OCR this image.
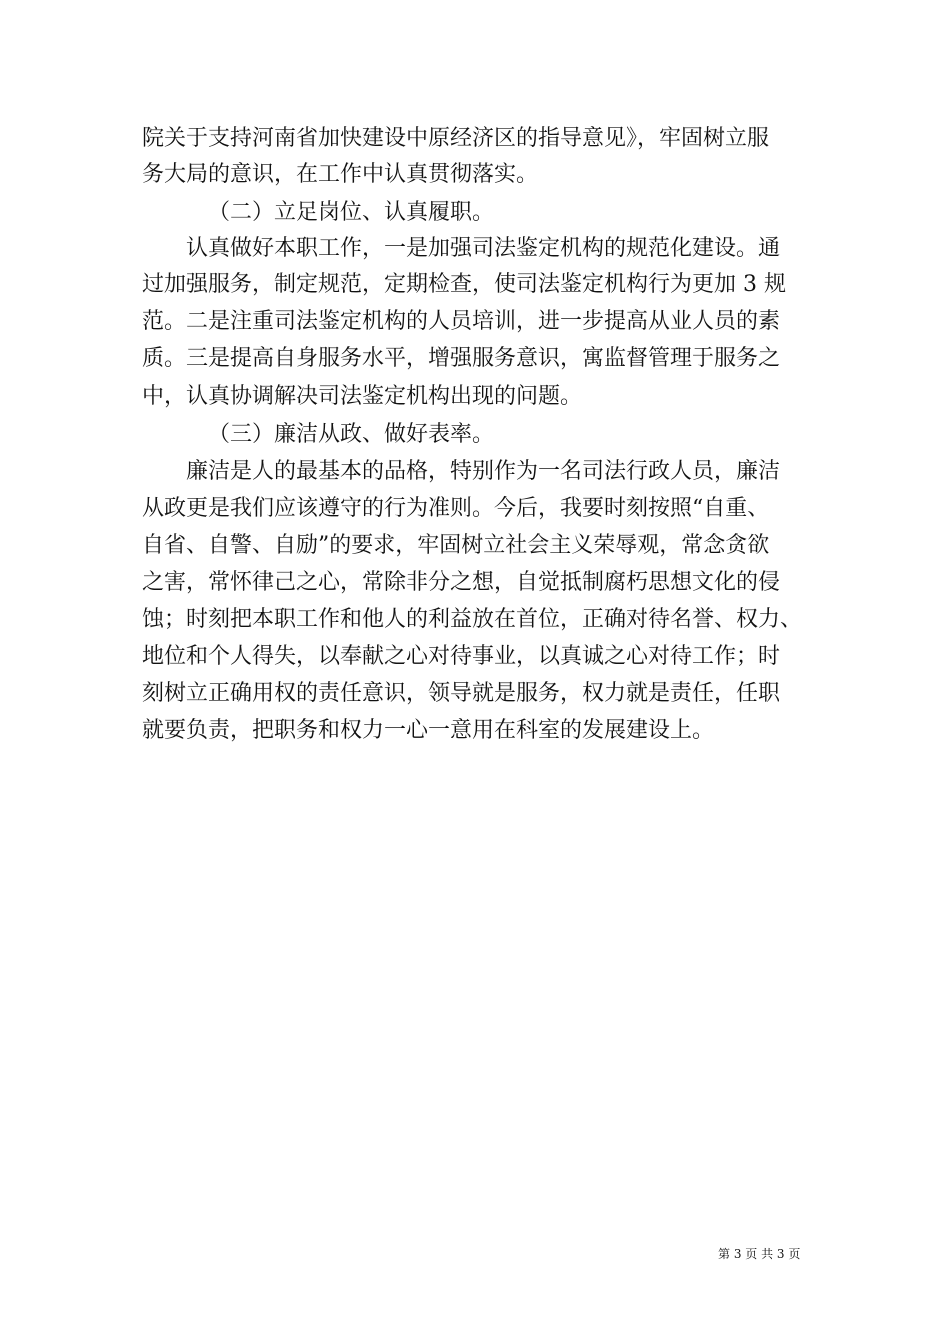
院关于支持河南省加快建设中原经济区的指导意见》，牢固树立服
务大局的意识，在工作中认真贯彻落实。
（二）立足岗位、认真履职。
认真做好本职工作，一是加强司法鉴定机构的规范化建设。通
过加强服务，制定规范，定期检查，使司法鉴定机构行为更加 3 规
范。二是注重司法鉴定机构的人员培训，进一步提高从业人员的素
质。三是提高自身服务水平，增强服务意识，寓监督管理于服务之
中，认真协调解决司法鉴定机构出现的问题。
（三）廉洁从政、做好表率。
廉洁是人的最基本的品格，特别作为一名司法行政人员，廉洁
从政更是我们应该遵守的行为准则。今后，我要时刻按照“自重、
自省、自警、自励”的要求，牢固树立社会主义荣辱观，常念贪欲
之害，常怀律己之心，常除非分之想，自觉抵制腐朽思想文化的侵
蚀；时刻把本职工作和他人的利益放在首位，正确对待名誉、权力、
地位和个人得失，以奉献之心对待事业，以真诚之心对待工作；时
刻树立正确用权的责任意识，领导就是服务，权力就是责任，任职
就要负责，把职务和权力一心一意用在科室的发展建设上。
第 3 页 共 3 页
